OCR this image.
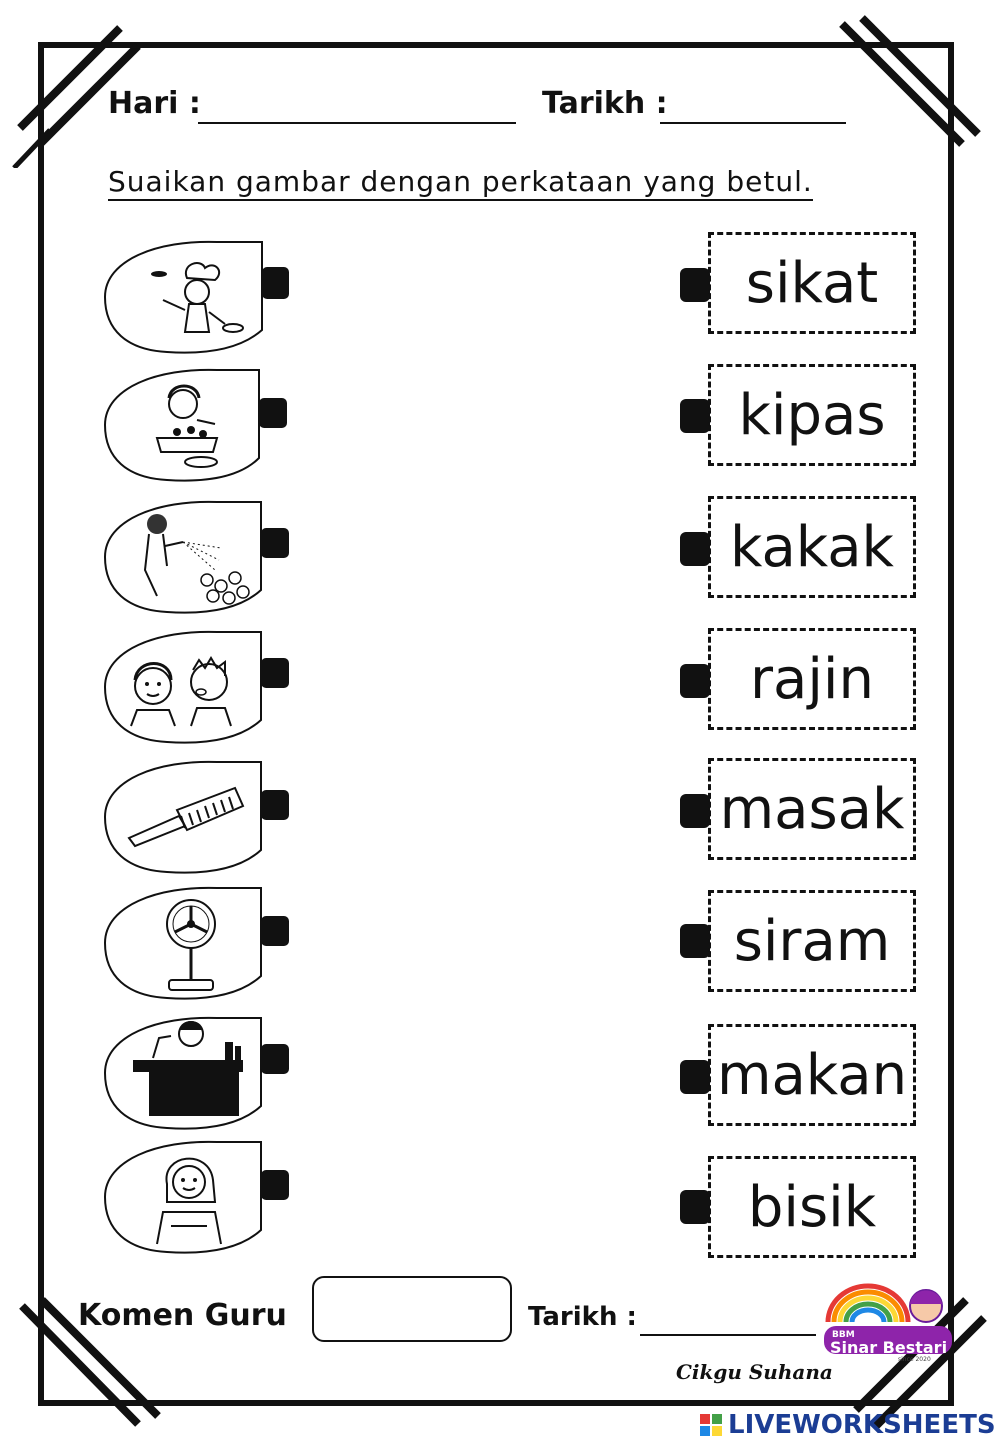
Hari :	Tarikh :
Suaikan gambar dengan perkataan yang betul.
sikat
kipas
kakak
rajin
masak
siram
makan
bisik
Komen Guru	Tarikh :
Cikgu Suhana
BBM
Sinar Bestari
since 2020
LIVEWORKSHEETS
